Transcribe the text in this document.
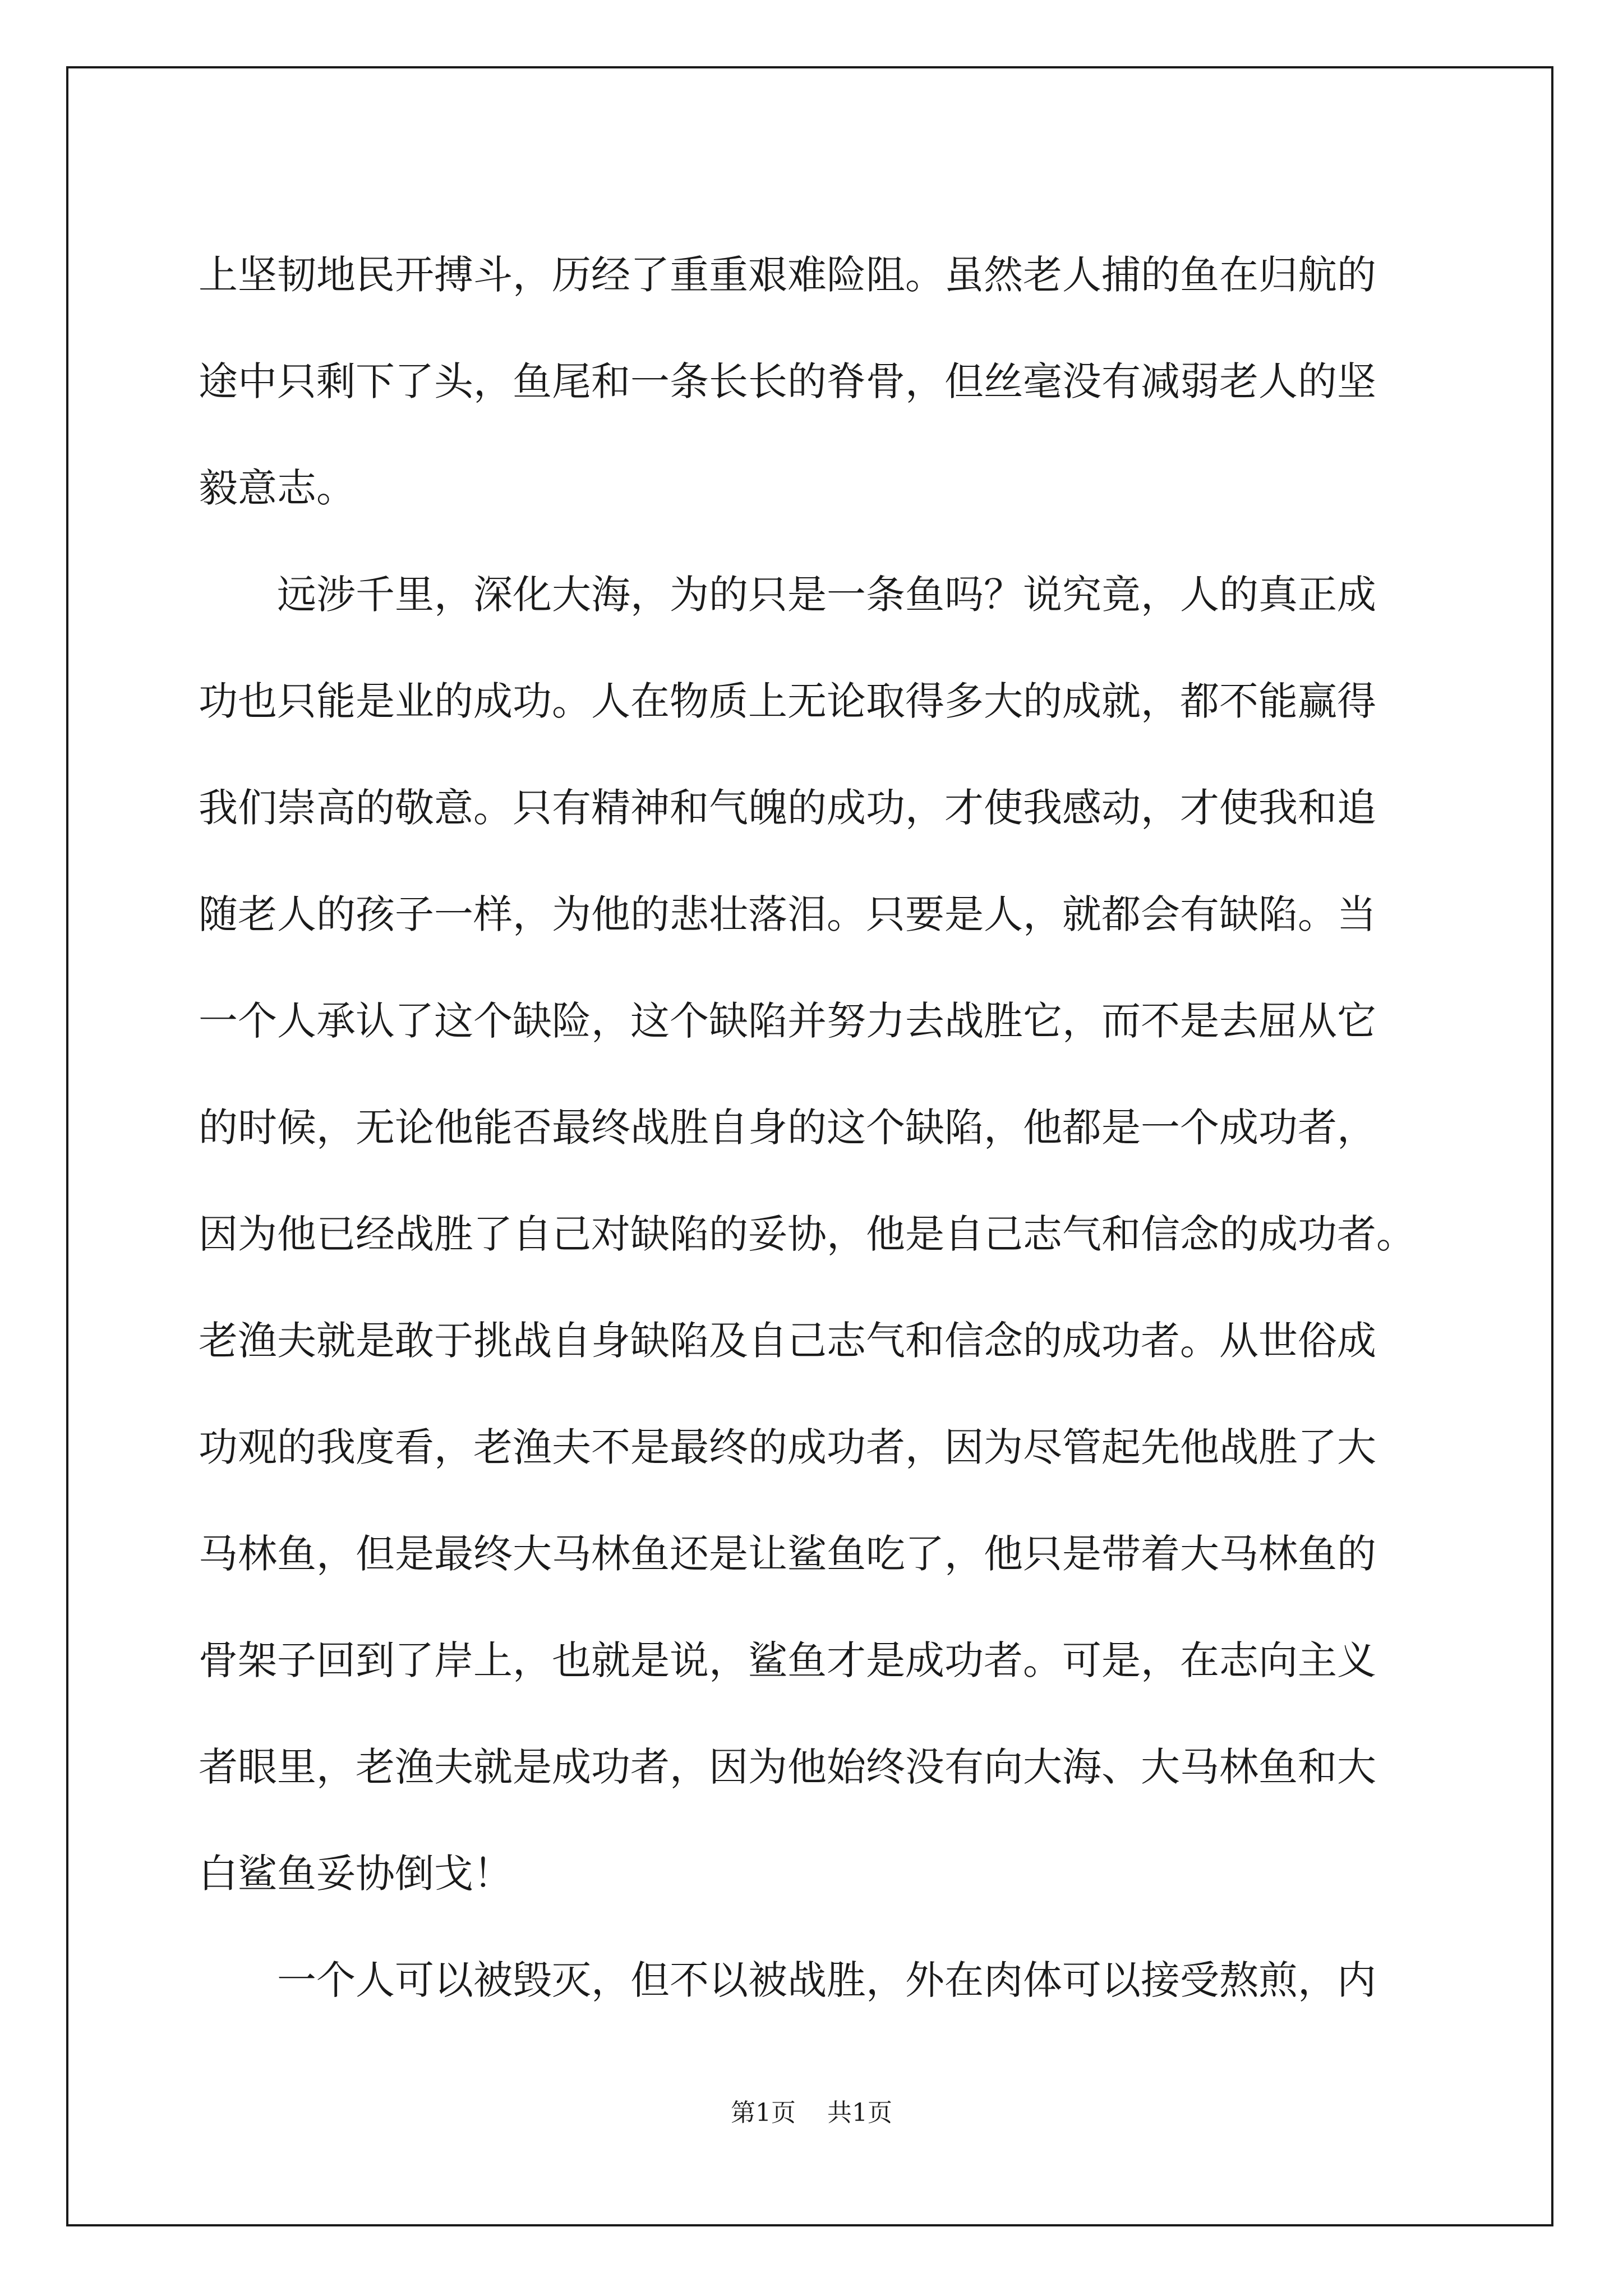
上坚韧地民开搏斗，历经了重重艰难险阻。虽然老人捕的鱼在归航的
途中只剩下了头，鱼尾和一条长长的脊骨，但丝毫没有减弱老人的坚
毅意志。
远涉千里，深化大海，为的只是一条鱼吗？说究竟，人的真正成
功也只能是业的成功。人在物质上无论取得多大的成就，都不能赢得
我们崇高的敬意。只有精神和气魄的成功，才使我感动，才使我和追
随老人的孩子一样，为他的悲壮落泪。只要是人，就都会有缺陷。当
一个人承认了这个缺险，这个缺陷并努力去战胜它，而不是去屈从它
的时候，无论他能否最终战胜自身的这个缺陷，他都是一个成功者，
因为他已经战胜了自己对缺陷的妥协，他是自己志气和信念的成功者。
老渔夫就是敢于挑战自身缺陷及自己志气和信念的成功者。从世俗成
功观的我度看，老渔夫不是最终的成功者，因为尽管起先他战胜了大
马林鱼，但是最终大马林鱼还是让鲨鱼吃了，他只是带着大马林鱼的
骨架子回到了岸上，也就是说，鲨鱼才是成功者。可是，在志向主义
者眼里，老渔夫就是成功者，因为他始终没有向大海、大马林鱼和大
白鲨鱼妥协倒戈！
一个人可以被毁灭，但不以被战胜，外在肉体可以接受熬煎，内
第1页 共1页
